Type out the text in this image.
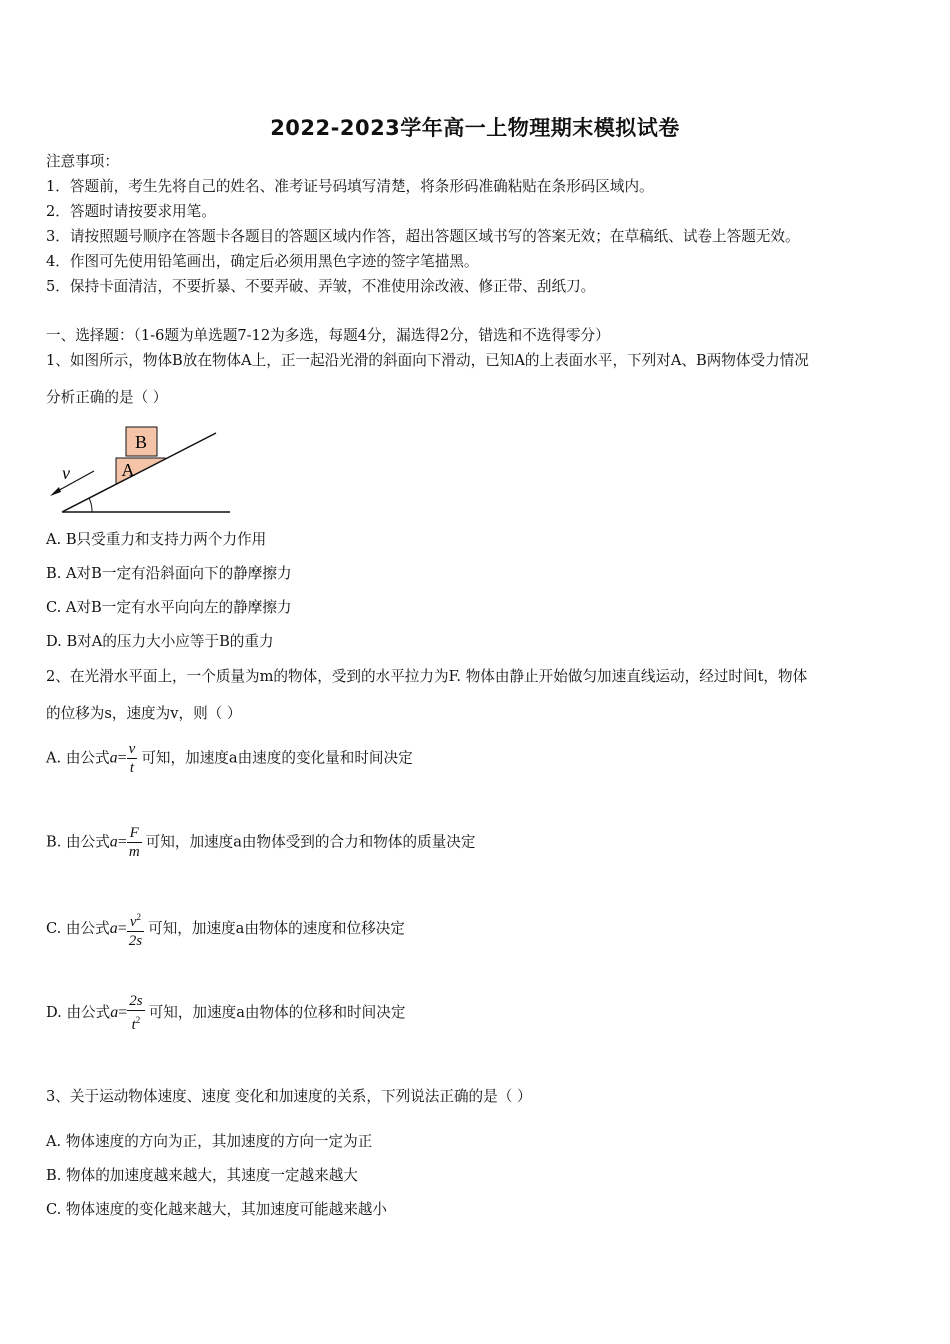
2022-2023学年高一上物理期末模拟试卷
注意事项：
1．答题前，考生先将自己的姓名、准考证号码填写清楚，将条形码准确粘贴在条形码区域内。
2．答题时请按要求用笔。
3．请按照题号顺序在答题卡各题目的答题区域内作答，超出答题区域书写的答案无效；在草稿纸、试卷上答题无效。
4．作图可先使用铅笔画出，确定后必须用黑色字迹的签字笔描黑。
5．保持卡面清洁，不要折暴、不要弄破、弄皱，不准使用涂改液、修正带、刮纸刀。
一、选择题：（1-6题为单选题7-12为多选，每题4分，漏选得2分，错选和不选得零分）
1、如图所示，物体B放在物体A上，正一起沿光滑的斜面向下滑动，已知A的上表面水平，下列对A、B两物体受力情况
分析正确的是（ ）
B
A
v
A. B只受重力和支持力两个力作用
B. A对B一定有沿斜面向下的静摩擦力
C. A对B一定有水平向向左的静摩擦力
D. B对A的压力大小应等于B的重力
2、在光滑水平面上，一个质量为m的物体，受到的水平拉力为F. 物体由静止开始做匀加速直线运动，经过时间t，物体
的位移为s，速度为v，则（ ）
A. 由公式$a= \frac{v}{t}$ 可知，加速度a由速度的变化量和时间决定
B. 由公式$a= \frac{F}{m}$ 可知，加速度a由物体受到的合力和物体的质量决定
C. 由公式$a= \frac{v^2}{2s}$ 可知，加速度a由物体的速度和位移决定
D. 由公式$a= \frac{2s}{t^2}$ 可知，加速度a由物体的位移和时间决定
3、关于运动物体速度、速度 变化和加速度的关系，下列说法正确的是（ ）
A. 物体速度的方向为正，其加速度的方向一定为正
B. 物体的加速度越来越大，其速度一定越来越大
C. 物体速度的变化越来越大，其加速度可能越来越小
